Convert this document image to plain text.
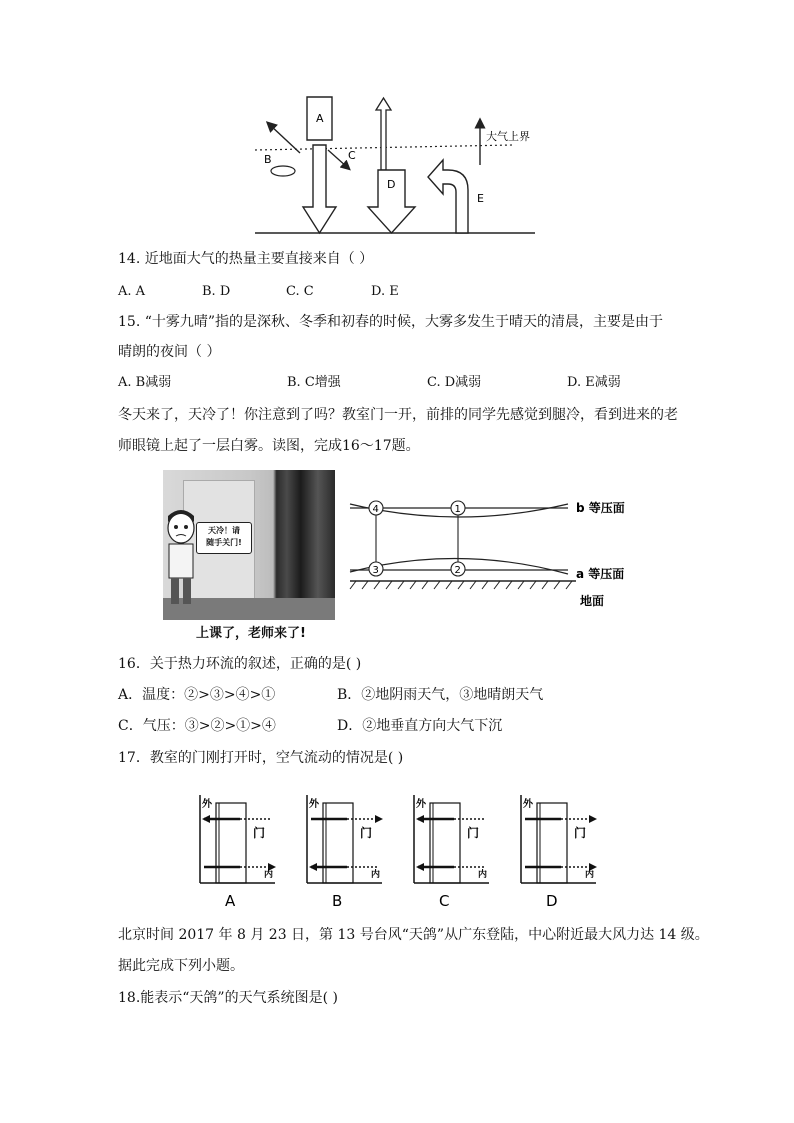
A
B	C
D
E
大气上界
14. 近地面大气的热量主要直接来自（ ）
A. A	B. D	C. C	D. E
15. “十雾九晴”指的是深秋、冬季和初春的时候，大雾多发生于晴天的清晨，主要是由于
晴朗的夜间（ ）
A. B减弱	B. C增强	C. D减弱	D. E减弱
冬天来了，天冷了！你注意到了吗？教室门一开，前排的同学先感觉到腿冷，看到进来的老
师眼镜上起了一层白雾。读图，完成16～17题。
天冷！请
随手关门!
上课了，老师来了!
4	1
3	2
b 等压面
a 等压面
地面
16．关于热力环流的叙述，正确的是( )
A．温度：②>③>④>①	B．②地阴雨天气，③地晴朗天气
C．气压：③>②>①>④	D．②地垂直方向大气下沉
17．教室的门刚打开时，空气流动的情况是( )
外
内
门
A
外
内
门
B
外
内
门
C
外
内
门
D
北京时间 2017 年 8 月 23 日，第 13 号台风“天鸽”从广东登陆，中心附近最大风力达 14 级。
据此完成下列小题。
18.能表示“天鸽”的天气系统图是( )
